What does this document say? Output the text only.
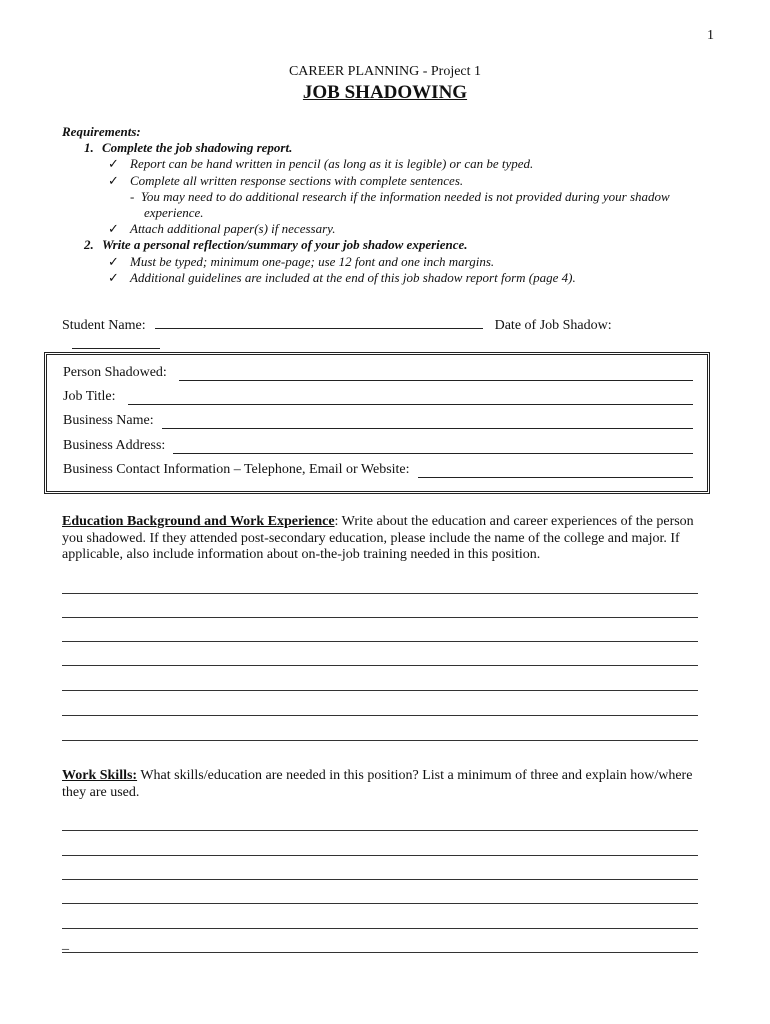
1
CAREER PLANNING - Project 1
JOB SHADOWING
Requirements:
1. Complete the job shadowing report.
✓ Report can be hand written in pencil (as long as it is legible) or can be typed.
✓ Complete all written response sections with complete sentences.
-  You may need to do additional research if the information needed is not provided during your shadow experience.
✓ Attach additional paper(s) if necessary.
2. Write a personal reflection/summary of your job shadow experience.
✓ Must be typed; minimum one-page; use 12 font and one inch margins.
✓ Additional guidelines are included at the end of this job shadow report form (page 4).
Student Name:	Date of Job Shadow:
Person Shadowed:
Job Title:
Business Name:
Business Address:
Business Contact Information – Telephone, Email or Website:
Education Background and Work Experience: Write about the education and career experiences of the person you shadowed. If they attended post-secondary education, please include the name of the college and major. If applicable, also include information about on-the-job training needed in this position.
Work Skills: What skills/education are needed in this position? List a minimum of three and explain how/where they are used.
_
